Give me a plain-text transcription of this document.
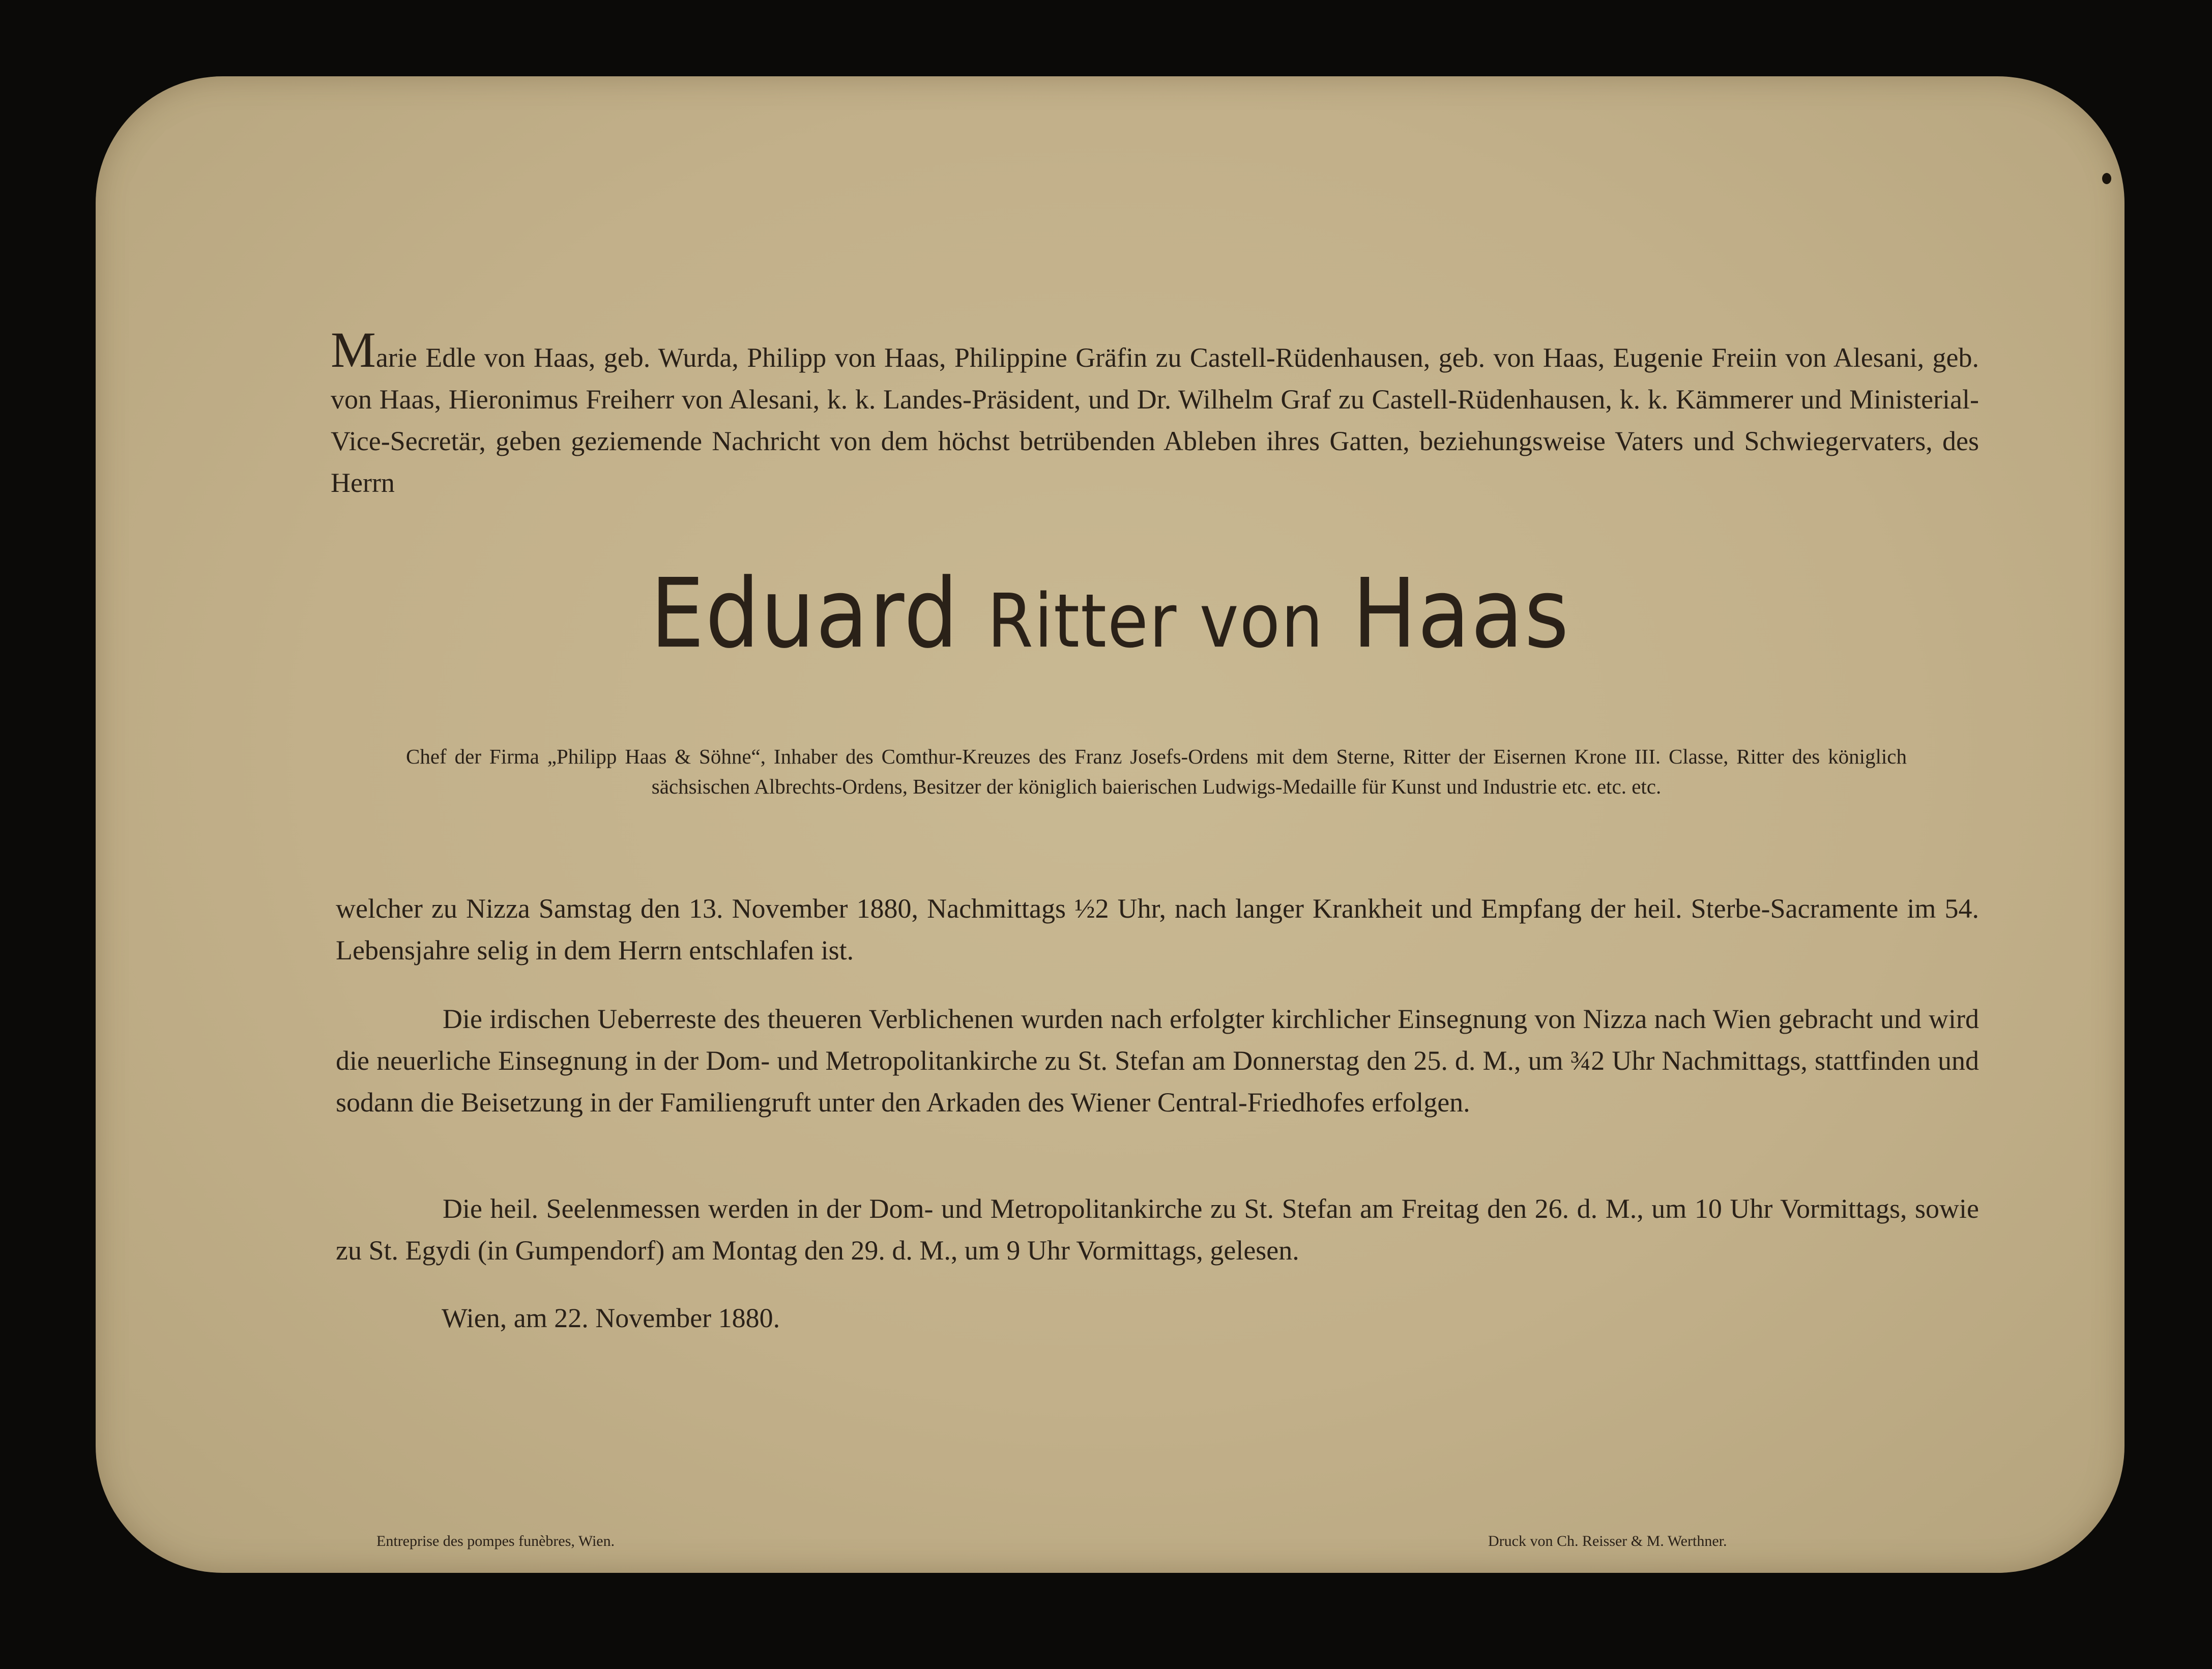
Marie Edle von Haas, geb. Wurda, Philipp von Haas, Philippine Gräfin zu Castell-Rüdenhausen, geb. von Haas, Eugenie Freiin von Alesani, geb. von Haas, Hieronimus Freiherr von Alesani, k. k. Landes-Präsident, und Dr. Wilhelm Graf zu Castell-Rüdenhausen, k. k. Kämmerer und Ministerial-Vice-Secretär, geben geziemende Nachricht von dem höchst betrübenden Ableben ihres Gatten, beziehungsweise Vaters und Schwiegervaters, des Herrn

Eduard Ritter von Haas

Chef der Firma „Philipp Haas & Söhne“, Inhaber des Comthur-Kreuzes des Franz Josefs-Ordens mit dem Sterne, Ritter der Eisernen Krone III. Classe, Ritter des königlich sächsischen Albrechts-Ordens, Besitzer der königlich baierischen Ludwigs-Medaille für Kunst und Industrie etc. etc. etc.

welcher zu Nizza Samstag den 13. November 1880, Nachmittags ½2 Uhr, nach langer Krankheit und Empfang der heil. Sterbe-Sacramente im 54. Lebensjahre selig in dem Herrn entschlafen ist.

Die irdischen Ueberreste des theueren Verblichenen wurden nach erfolgter kirchlicher Einsegnung von Nizza nach Wien gebracht und wird die neuerliche Einsegnung in der Dom- und Metropolitankirche zu St. Stefan am Donnerstag den 25. d. M., um ¾2 Uhr Nachmittags, stattfinden und sodann die Beisetzung in der Familiengruft unter den Arkaden des Wiener Central-Friedhofes erfolgen.

Die heil. Seelenmessen werden in der Dom- und Metropolitankirche zu St. Stefan am Freitag den 26. d. M., um 10 Uhr Vormittags, sowie zu St. Egydi (in Gumpendorf) am Montag den 29. d. M., um 9 Uhr Vormittags, gelesen.

Wien, am 22. November 1880.

Entreprise des pompes funèbres, Wien.	Druck von Ch. Reisser & M. Werthner.
